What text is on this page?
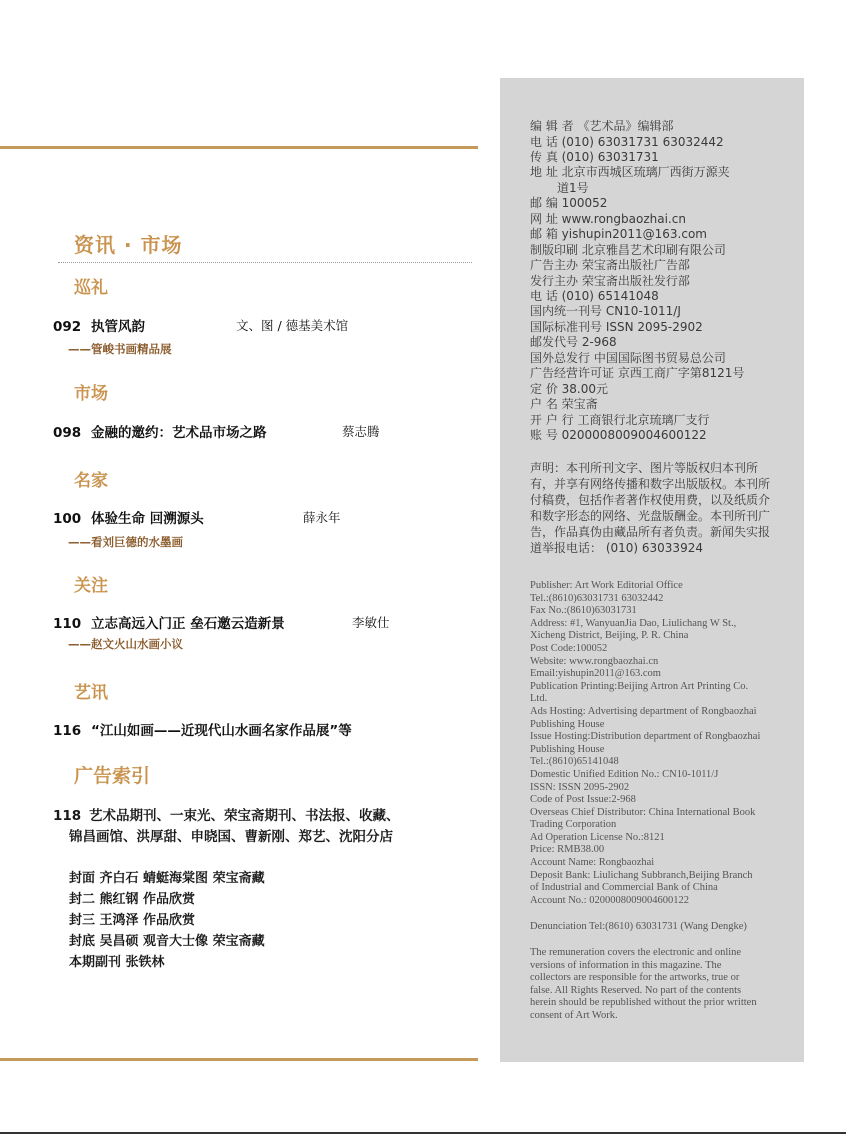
资讯 · 市场
巡礼
092 执管风韵	文、图 / 德基美术馆
——管峻书画精品展
市场
098 金融的邀约：艺术品市场之路	蔡志腾
名家
100 体验生命 回溯源头	薛永年
——看刘巨德的水墨画
关注
110 立志高远入门正 垒石邀云造新景	李敏仕
——赵文火山水画小议
艺讯
116 “江山如画——近现代山水画名家作品展”等
广告索引
118 艺术品期刊、一束光、荣宝斋期刊、书法报、收藏、
锦昌画馆、洪厚甜、申晓国、曹新刚、郑艺、沈阳分店
封面 齐白石 蜻蜓海棠图 荣宝斋藏
封二 熊红钢 作品欣赏
封三 王鸿泽 作品欣赏
封底 吴昌硕 观音大士像 荣宝斋藏
本期副刊 张铁林
编 辑 者 《艺术品》编辑部
电 话 (010) 63031731 63032442
传 真 (010) 63031731
地 址 北京市西城区琉璃厂西街万源夹
道1号
邮 编 100052
网 址 www.rongbaozhai.cn
邮 箱 yishupin2011@163.com
制版印刷 北京雅昌艺术印刷有限公司
广告主办 荣宝斋出版社广告部
发行主办 荣宝斋出版社发行部
电 话 (010) 65141048
国内统一刊号 CN10-1011/J
国际标准刊号 ISSN 2095-2902
邮发代号 2-968
国外总发行 中国国际图书贸易总公司
广告经营许可证 京西工商广字第8121号
定 价 38.00元
户 名 荣宝斋
开 户 行 工商银行北京琉璃厂支行
账 号 0200008009004600122
声明：本刊所刊文字、图片等版权归本刊所
有，并享有网络传播和数字出版版权。本刊所
付稿费，包括作者著作权使用费，以及纸质介
和数字形态的网络、光盘版酬金。本刊所刊广
告，作品真伪由藏品所有者负责。新闻失实报
道举报电话： (010) 63033924
Publisher: Art Work Editorial Office
Tel.:(8610)63031731 63032442
Fax No.:(8610)63031731
Address: #1, WanyuanJia Dao, Liulichang W St.,
Xicheng District, Beijing, P. R. China
Post Code:100052
Website: www.rongbaozhai.cn
Email:yishupin2011@163.com
Publication Printing:Beijing Artron Art Printing Co.
Ltd.
Ads Hosting: Advertising department of Rongbaozhai
Publishing House
Issue Hosting:Distribution department of Rongbaozhai
Publishing House
Tel.:(8610)65141048
Domestic Unified Edition No.: CN10-1011/J
ISSN: ISSN 2095-2902
Code of Post Issue:2-968
Overseas Chief Distributor: China International Book
Trading Corporation
Ad Operation License No.:8121
Price: RMB38.00
Account Name: Rongbaozhai
Deposit Bank: Liulichang Subbranch,Beijing Branch
of Industrial and Commercial Bank of China
Account No.: 0200008009004600122
Denunciation Tel:(8610) 63031731 (Wang Dengke)
The remuneration covers the electronic and online
versions of information in this magazine. The
collectors are responsible for the artworks, true or
false. All Rights Reserved. No part of the contents
herein should be republished without the prior written
consent of Art Work.
